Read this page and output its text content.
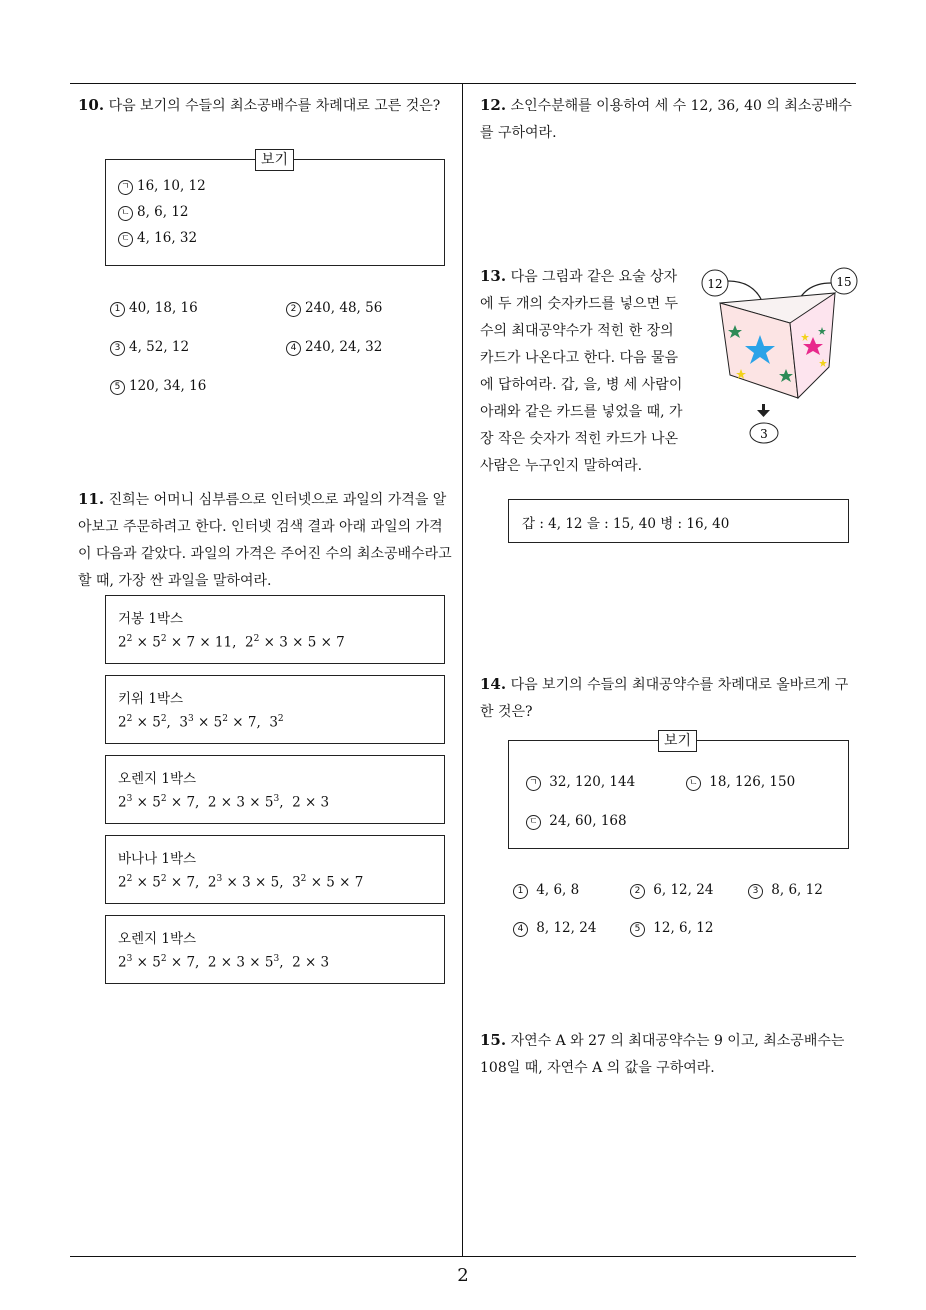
10. 다음 보기의 수들의 최소공배수를 차례대로 고른 것은?
보기
ㄱ 16, 10, 12
ㄴ 8, 6, 12
ㄷ 4, 16, 32
1 40, 18, 16	2 240, 48, 56
3 4, 52, 12	4 240, 24, 32
5 120, 34, 16
11. 진희는 어머니 심부름으로 인터넷으로 과일의 가격을 알아보고 주문하려고 한다. 인터넷 검색 결과 아래 과일의 가격이 다음과 같았다. 과일의 가격은 주어진 수의 최소공배수라고 할 때, 가장 싼 과일을 말하여라.
거봉 1박스
$2^2 \times 5^2 \times 7 \times 11$,  $2^2 \times 3 \times 5 \times 7$
키위 1박스
$2^2 \times 5^2$,  $3^3 \times 5^2 \times 7$,  $3^2$
오렌지 1박스
$2^3 \times 5^2 \times 7$,  $2 \times 3 \times 5^3$,  2 × 3
바나나 1박스
$2^2 \times 5^2 \times 7$,  $2^3 \times 3 \times 5$,  $3^2 \times 5 \times 7$
오렌지 1박스
$2^3 \times 5^2 \times 7$,  $2 \times 3 \times 5^3$,  2 × 3
12. 소인수분해를 이용하여 세 수 12, 36, 40 의 최소공배수를 구하여라.
13. 다음 그림과 같은 요술 상자에 두 개의 숫자카드를 넣으면 두 수의 최대공약수가 적힌 한 장의 카드가 나온다고 한다. 다음 물음에 답하여라. 갑, 을, 병 세 사람이 아래와 같은 카드를 넣었을 때, 가장 작은 숫자가 적힌 카드가 나온 사람은 누구인지 말하여라.
12	15
3
갑 : 4, 12 을 : 15, 40 병 : 16, 40
14. 다음 보기의 수들의 최대공약수를 차례대로 올바르게 구한 것은?
보기
ㄱ 32, 120, 144	ㄴ 18, 126, 150
ㄷ 24, 60, 168
1 4, 6, 8	2 6, 12, 24	3 8, 6, 12
4 8, 12, 24	5 12, 6, 12
15. 자연수 A 와 27 의 최대공약수는 9 이고, 최소공배수는 108일 때, 자연수 A 의 값을 구하여라.
2
